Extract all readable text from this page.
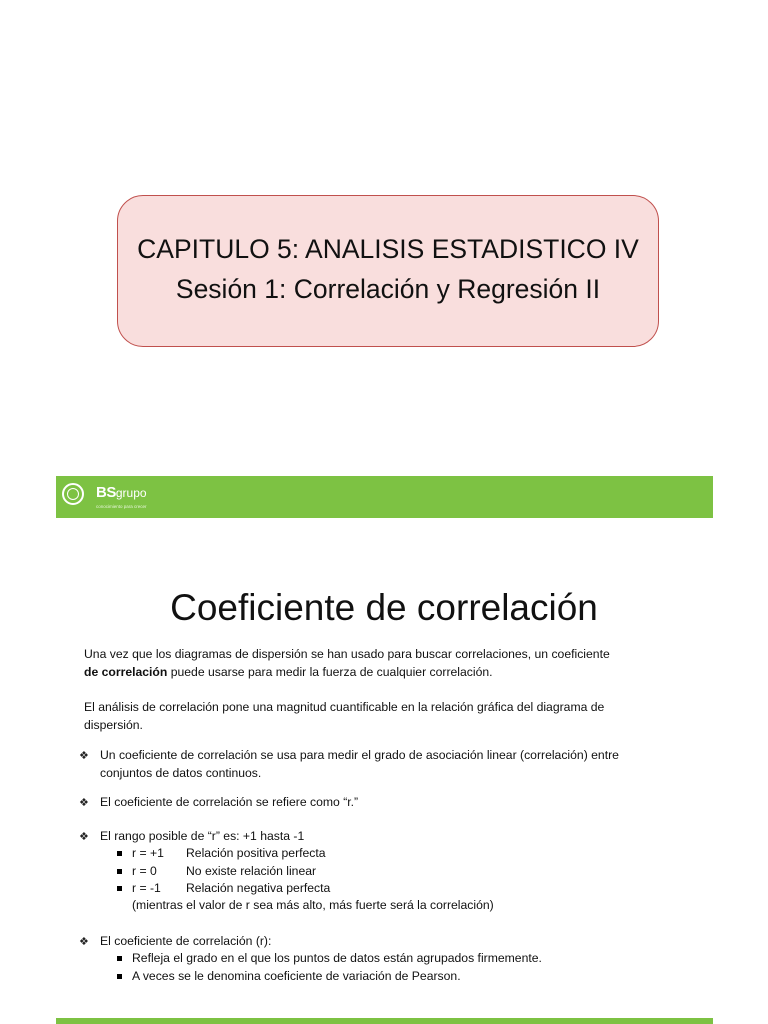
CAPITULO 5: ANALISIS ESTADISTICO IV
Sesión 1: Correlación y Regresión II
BSgrupo
conocimiento para crecer
Coeficiente de correlación
Una vez que los diagramas de dispersión se han usado para buscar correlaciones, un coeficiente
de correlación puede usarse para medir la fuerza de cualquier correlación.
El análisis de correlación pone una magnitud cuantificable en la relación gráfica del diagrama de
dispersión.
❖ Un coeficiente de correlación se usa para medir el grado de asociación linear (correlación) entre
conjuntos de datos continuos.
❖ El coeficiente de correlación se refiere como “r.”
❖ El rango posible de “r” es: +1 hasta -1
r = +1 Relación positiva perfecta
r = 0 No existe relación linear
r = -1 Relación negativa perfecta
(mientras el valor de r sea más alto, más fuerte será la correlación)
❖ El coeficiente de correlación (r):
Refleja el grado en el que los puntos de datos están agrupados firmemente.
A veces se le denomina coeficiente de variación de Pearson.
